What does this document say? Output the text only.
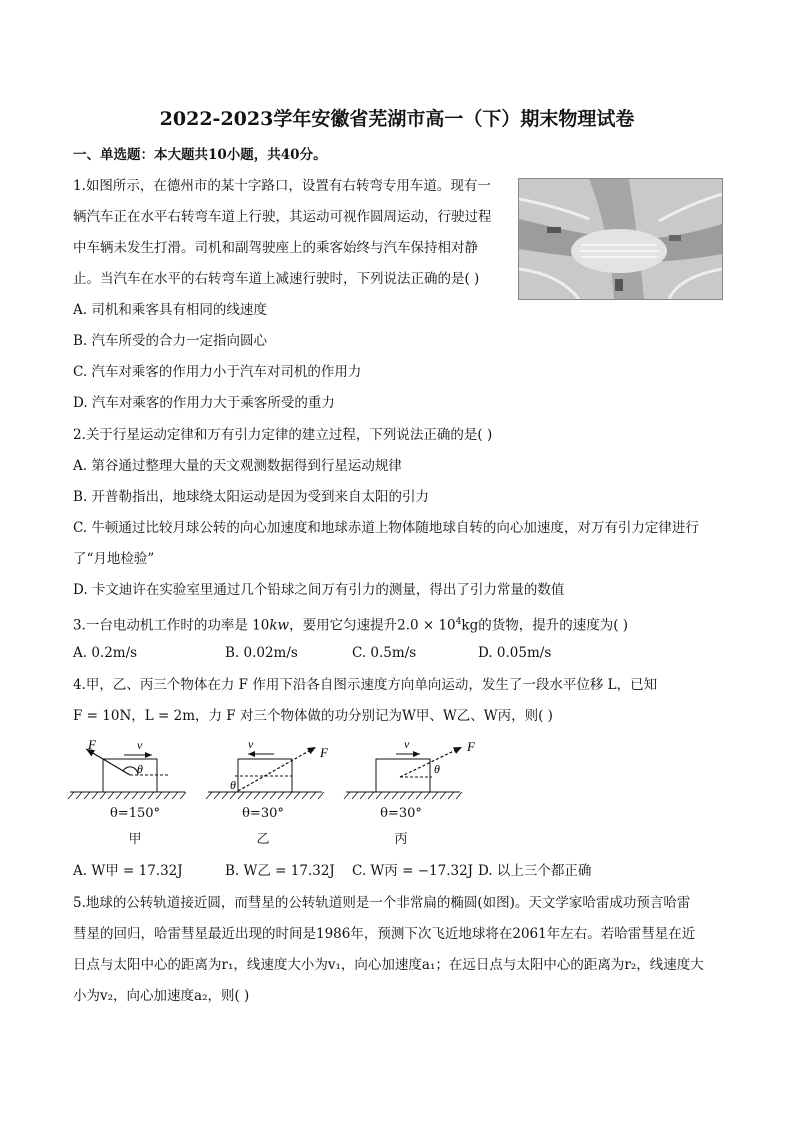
2022-2023学年安徽省芜湖市高一（下）期末物理试卷
一、单选题：本大题共10小题，共40分。
1.如图所示，在德州市的某十字路口，设置有右转弯专用车道。现有一
辆汽车正在水平右转弯车道上行驶，其运动可视作圆周运动，行驶过程
中车辆未发生打滑。司机和副驾驶座上的乘客始终与汽车保持相对静
止。当汽车在水平的右转弯车道上减速行驶时，下列说法正确的是( )
A. 司机和乘客具有相同的线速度
B. 汽车所受的合力一定指向圆心
C. 汽车对乘客的作用力小于汽车对司机的作用力
D. 汽车对乘客的作用力大于乘客所受的重力
2.关于行星运动定律和万有引力定律的建立过程，下列说法正确的是( )
A. 第谷通过整理大量的天文观测数据得到行星运动规律
B. 开普勒指出，地球绕太阳运动是因为受到来自太阳的引力
C. 牛顿通过比较月球公转的向心加速度和地球赤道上物体随地球自转的向心加速度，对万有引力定律进行
了“月地检验”
D. 卡文迪许在实验室里通过几个铅球之间万有引力的测量，得出了引力常量的数值
3.一台电动机工作时的功率是 10kw，要用它匀速提升$2.0 \times 10^4kg$的货物，提升的速度为( )
A. 0.2m/s	B. 0.02m/s	C. 0.5m/s	D. 0.05m/s
4.甲，乙、丙三个物体在力 F 作用下沿各自图示速度方向单向运动，发生了一段水平位移 L，已知
F = 10N，L = 2m，力 F 对三个物体做的功分别记为W甲、W乙、W丙，则( )
F	v
θ
F
v
θ
F
v
θ
θ=150°
甲
θ=30°
乙
θ=30°
丙
A. W甲 = 17.32J	B. W乙 = 17.32J C. W丙 = −17.32J D. 以上三个都正确
5.地球的公转轨道接近圆，而彗星的公转轨道则是一个非常扁的椭圆(如图)。天文学家哈雷成功预言哈雷
彗星的回归，哈雷彗星最近出现的时间是1986年，预测下次飞近地球将在2061年左右。若哈雷彗星在近
日点与太阳中心的距离为r₁，线速度大小为v₁，向心加速度a₁；在远日点与太阳中心的距离为r₂，线速度大
小为v₂，向心加速度a₂，则( )
